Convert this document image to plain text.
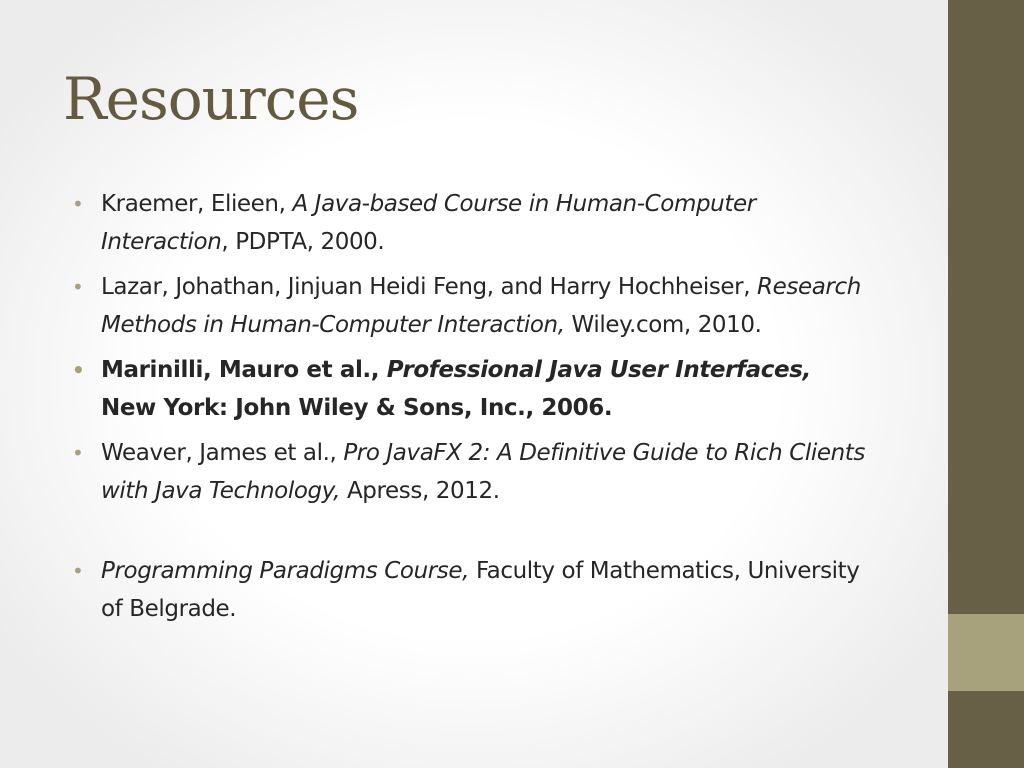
Resources
• Kraemer, Elieen, A Java-based Course in Human-Computer Interaction, PDPTA, 2000.
• Lazar, Johathan, Jinjuan Heidi Feng, and Harry Hochheiser, Research Methods in Human-Computer Interaction, Wiley.com, 2010.
• Marinilli, Mauro et al., Professional Java User Interfaces, New York: John Wiley & Sons, Inc., 2006.
• Weaver, James et al., Pro JavaFX 2: A Definitive Guide to Rich Clients with Java Technology, Apress, 2012.
• Programming Paradigms Course, Faculty of Mathematics, University of Belgrade.
